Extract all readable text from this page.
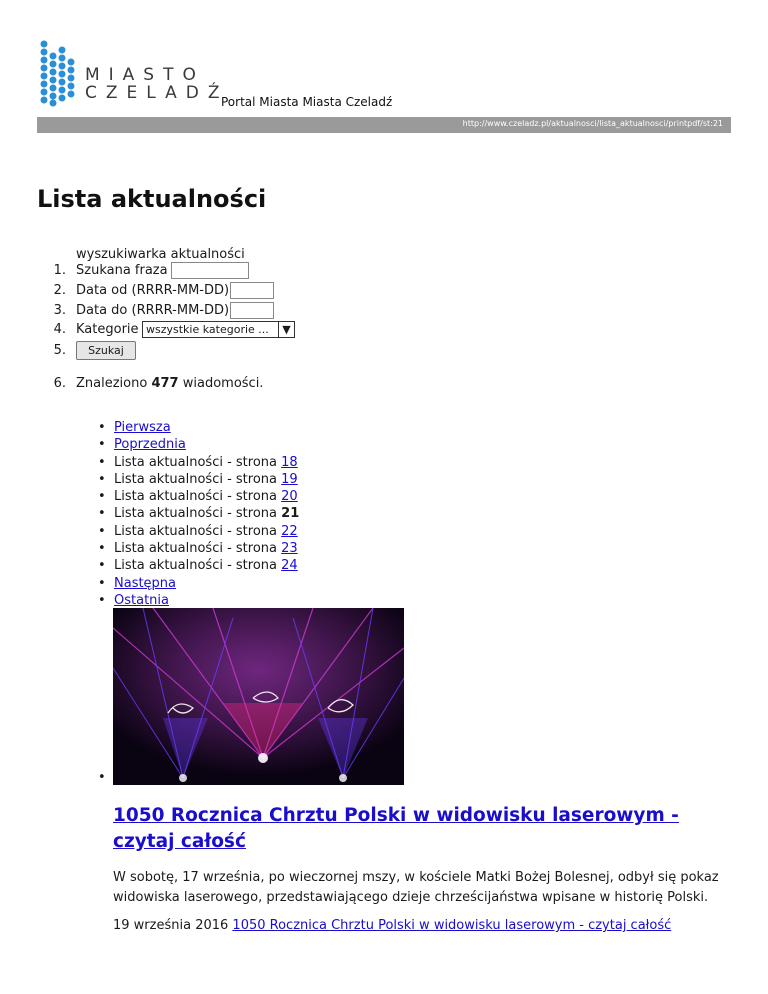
MIASTO
CZELADŹ
Portal Miasta Miasta Czeladź
http://www.czeladz.pl/aktualnosci/lista_aktualnosci/printpdf/st:21
Lista aktualności
wyszukiwarka aktualności
1. Szukana fraza
2. Data od (RRRR-MM-DD)
3. Data do (RRRR-MM-DD)
4. Kategorie wszystkie kategorie ...	▼
5.	Szukaj
6. Znaleziono 477 wiadomości.
• Pierwsza
• Poprzednia
• Lista aktualności - strona 18
• Lista aktualności - strona 19
• Lista aktualności - strona 20
• Lista aktualności - strona 21
• Lista aktualności - strona 22
• Lista aktualności - strona 23
• Lista aktualności - strona 24
• Następna
• Ostatnia
•
1050 Rocznica Chrztu Polski w widowisku laserowym - czytaj całość

W sobotę, 17 września, po wieczornej mszy, w kościele Matki Bożej Bolesnej, odbył się pokaz widowiska laserowego, przedstawiającego dzieje chrześcijaństwa wpisane w historię Polski.

19 września 2016 1050 Rocznica Chrztu Polski w widowisku laserowym - czytaj całość
